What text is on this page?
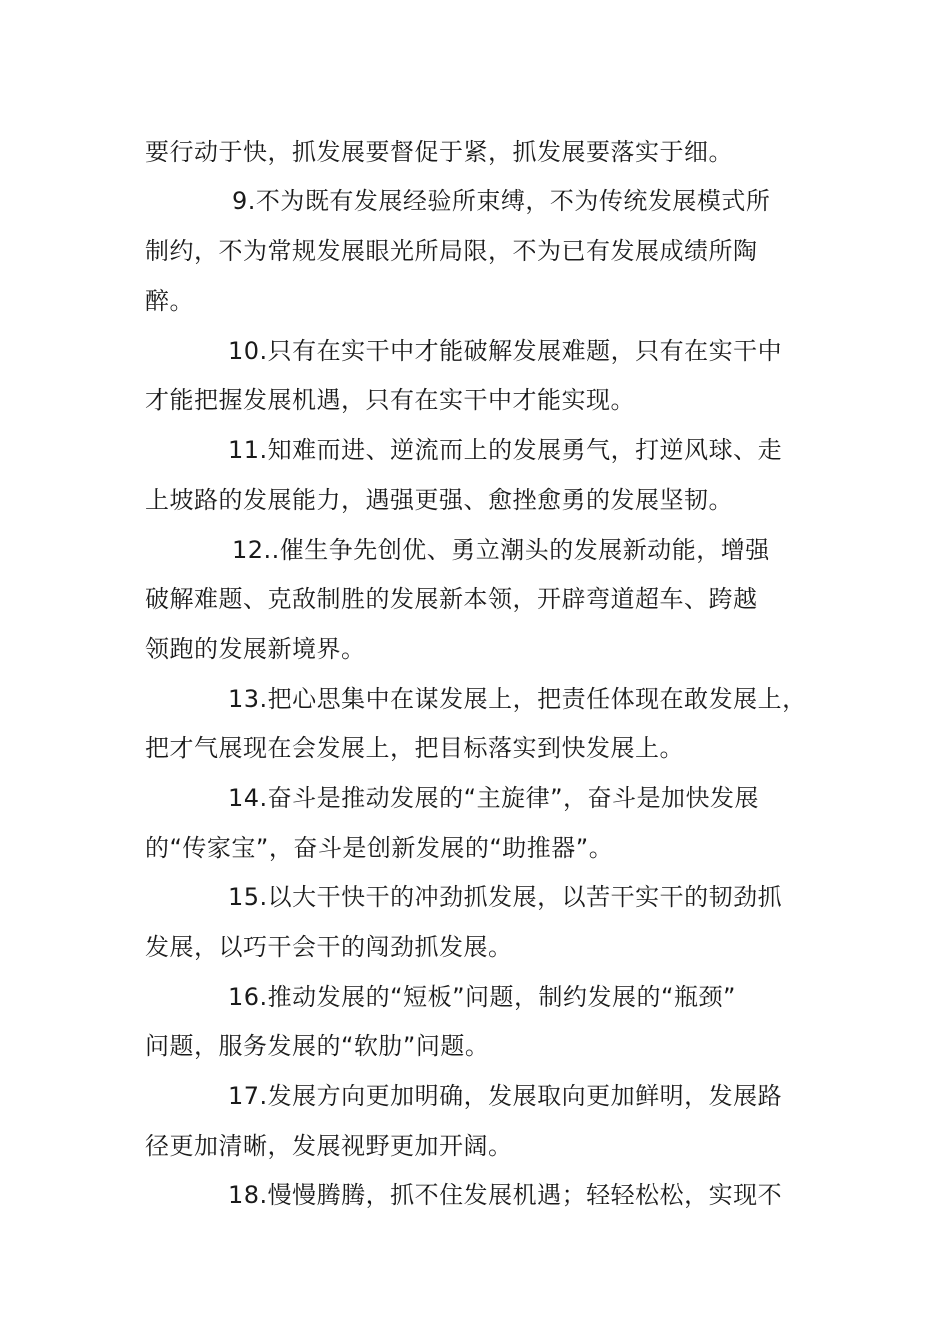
要行动于快，抓发展要督促于紧，抓发展要落实于细。
9.不为既有发展经验所束缚，不为传统发展模式所
制约，不为常规发展眼光所局限，不为已有发展成绩所陶
醉。
10.只有在实干中才能破解发展难题，只有在实干中
才能把握发展机遇，只有在实干中才能实现。
11.知难而进、逆流而上的发展勇气，打逆风球、走
上坡路的发展能力，遇强更强、愈挫愈勇的发展坚韧。
12..催生争先创优、勇立潮头的发展新动能，增强
破解难题、克敌制胜的发展新本领，开辟弯道超车、跨越
领跑的发展新境界。
13.把心思集中在谋发展上，把责任体现在敢发展上，
把才气展现在会发展上，把目标落实到快发展上。
14.奋斗是推动发展的“主旋律”，奋斗是加快发展
的“传家宝”，奋斗是创新发展的“助推器”。
15.以大干快干的冲劲抓发展，以苦干实干的韧劲抓
发展，以巧干会干的闯劲抓发展。
16.推动发展的“短板”问题，制约发展的“瓶颈”
问题，服务发展的“软肋”问题。
17.发展方向更加明确，发展取向更加鲜明，发展路
径更加清晰，发展视野更加开阔。
18.慢慢腾腾，抓不住发展机遇；轻轻松松，实现不
